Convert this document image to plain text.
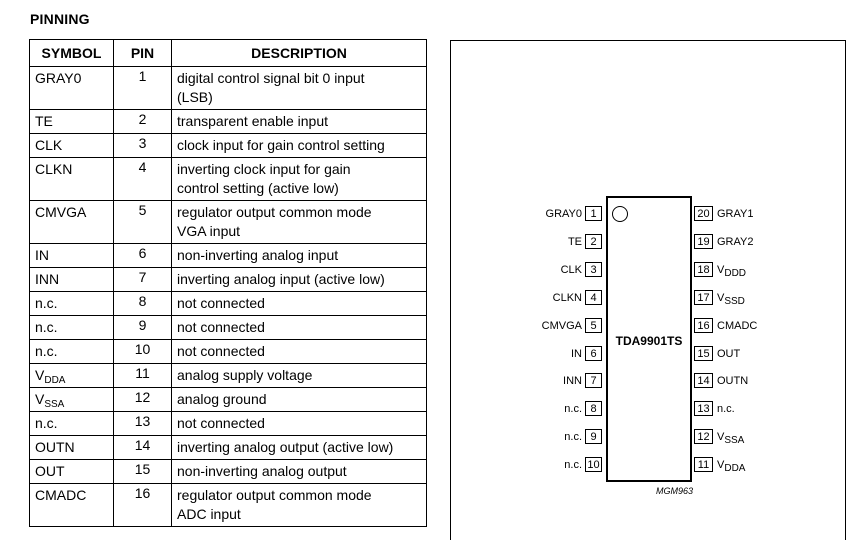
PINNING
SYMBOL	PIN	DESCRIPTION
GRAY0	1	digital control signal bit 0 input
(LSB)

TE	2	transparent enable input

CLK	3	clock input for gain control setting

CLKN	4	inverting clock input for gain
control setting (active low)

CMVGA	5	regulator output common mode
VGA input

IN	6	non-inverting analog input

INN	7	inverting analog input (active low)

n.c.	8	not connected

n.c.	9	not connected

n.c.	10	not connected

$V_{DDA}$	11	analog supply voltage

$V_{SSA}$	12	analog ground

n.c.	13	not connected

OUTN	14	inverting analog output (active low)

OUT	15	non-inverting analog output

CMADC	16	regulator output common mode
ADC input
TDA9901TS
GRAY0 1
TE 2
CLK 3
CLKN 4
CMVGA 5
IN 6
INN 7
n.c. 8
n.c. 9
n.c. 10
GRAY1
20
GRAY2
19
$V_{DDD}$
18
$V_{SSD}$
17
CMADC
16
OUT
15
OUTN
14
n.c.
13
$V_{SSA}$
12
$V_{DDA}$
11
MGM963
